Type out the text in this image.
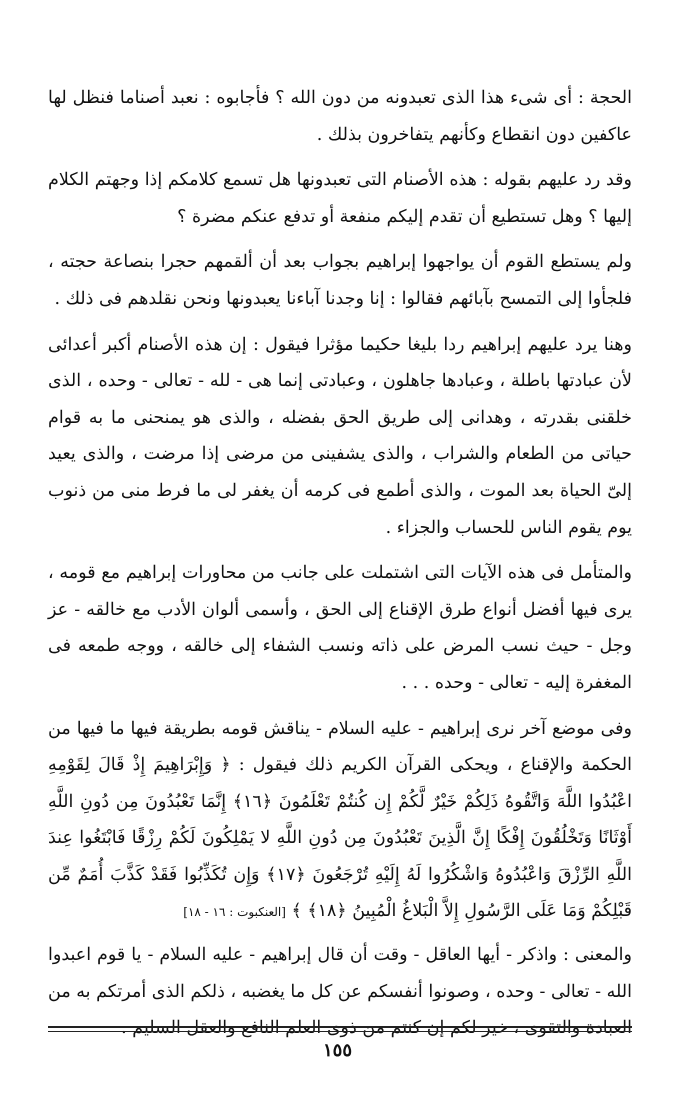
الحجة : أى شىء هذا الذى تعبدونه من دون الله ؟ فأجابوه : نعبد أصناما فنظل لها عاكفين دون انقطاع وكأنهم يتفاخرون بذلك .

وقد رد عليهم بقوله : هذه الأصنام التى تعبدونها هل تسمع كلامكم إذا وجهتم الكلام إليها ؟ وهل تستطيع أن تقدم إليكم منفعة أو تدفع عنكم مضرة ؟

ولم يستطع القوم أن يواجهوا إبراهيم بجواب بعد أن ألقمهم حجرا بنصاعة حجته ، فلجأوا إلى التمسح بآبائهم فقالوا : إنا وجدنا آباءنا يعبدونها ونحن نقلدهم فى ذلك .

وهنا يرد عليهم إبراهيم ردا بليغا حكيما مؤثرا فيقول : إن هذه الأصنام أكبر أعدائى لأن عبادتها باطلة ، وعبادها جاهلون ، وعبادتى إنما هى - لله - تعالى - وحده ، الذى خلقنى بقدرته ، وهدانى إلى طريق الحق بفضله ، والذى هو يمنحنى ما به قوام حياتى من الطعام والشراب ، والذى يشفينى من مرضى إذا مرضت ، والذى يعيد إلىّ الحياة بعد الموت ، والذى أطمع فى كرمه أن يغفر لى ما فرط منى من ذنوب يوم يقوم الناس للحساب والجزاء .

والمتأمل فى هذه الآيات التى اشتملت على جانب من محاورات إبراهيم مع قومه ، يرى فيها أفضل أنواع طرق الإقناع إلى الحق ، وأسمى ألوان الأدب مع خالقه - عز وجل - حيث نسب المرض على ذاته ونسب الشفاء إلى خالقه ، ووجه طمعه فى المغفرة إليه - تعالى - وحده . . .

وفى موضع آخر نرى إبراهيم - عليه السلام - يناقش قومه بطريقة فيها ما فيها من الحكمة والإقناع ، ويحكى القرآن الكريم ذلك فيقول : ﴿ وَإِبْرَاهِيمَ إِذْ قَالَ لِقَوْمِهِ اعْبُدُوا اللَّهَ وَاتَّقُوهُ ذَلِكُمْ خَيْرٌ لَّكُمْ إِن كُنتُمْ تَعْلَمُونَ ﴿١٦﴾ إِنَّمَا تَعْبُدُونَ مِن دُونِ اللَّهِ أَوْثَانًا وَتَخْلُقُونَ إِفْكًا إِنَّ الَّذِينَ تَعْبُدُونَ مِن دُونِ اللَّهِ لا يَمْلِكُونَ لَكُمْ رِزْقًا فَابْتَغُوا عِندَ اللَّهِ الرِّزْقَ وَاعْبُدُوهُ وَاشْكُرُوا لَهُ إِلَيْهِ تُرْجَعُونَ ﴿١٧﴾ وَإِن تُكَذِّبُوا فَقَدْ كَذَّبَ أُمَمٌ مِّن قَبْلِكُمْ وَمَا عَلَى الرَّسُولِ إِلاَّ الْبَلاغُ الْمُبِينُ ﴿١٨﴾ ﴾ [العنكبوت : ١٦ - ١٨]

والمعنى : واذكر - أيها العاقل - وقت أن قال إبراهيم - عليه السلام - يا قوم اعبدوا الله - تعالى - وحده ، وصونوا أنفسكم عن كل ما يغضبه ، ذلكم الذى أمرتكم به من العبادة والتقوى ، خير لكم إن كنتم من ذوى العلم النافع والعقل السليم .

١٥٥
